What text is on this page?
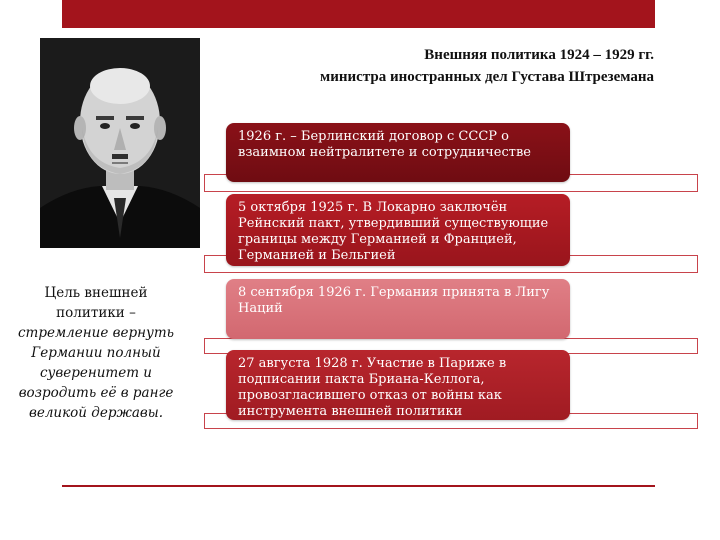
Внешняя политика 1924 – 1929 гг.
министра иностранных дел Густава Штреземана
Цель внешней политики –
стремление вернуть Германии полный суверенитет и возродить её в ранге великой державы.
1926 г. – Берлинский договор с СССР о взаимном нейтралитете и сотрудничестве
5 октября 1925 г. В Локарно заключён Рейнский пакт, утвердивший существующие границы между Германией и Францией, Германией и Бельгией
8 сентября 1926 г. Германия принята в Лигу Наций
27 августа 1928 г. Участие в Париже в подписании пакта Бриана-Келлога, провозгласившего отказ от войны как инструмента внешней политики
